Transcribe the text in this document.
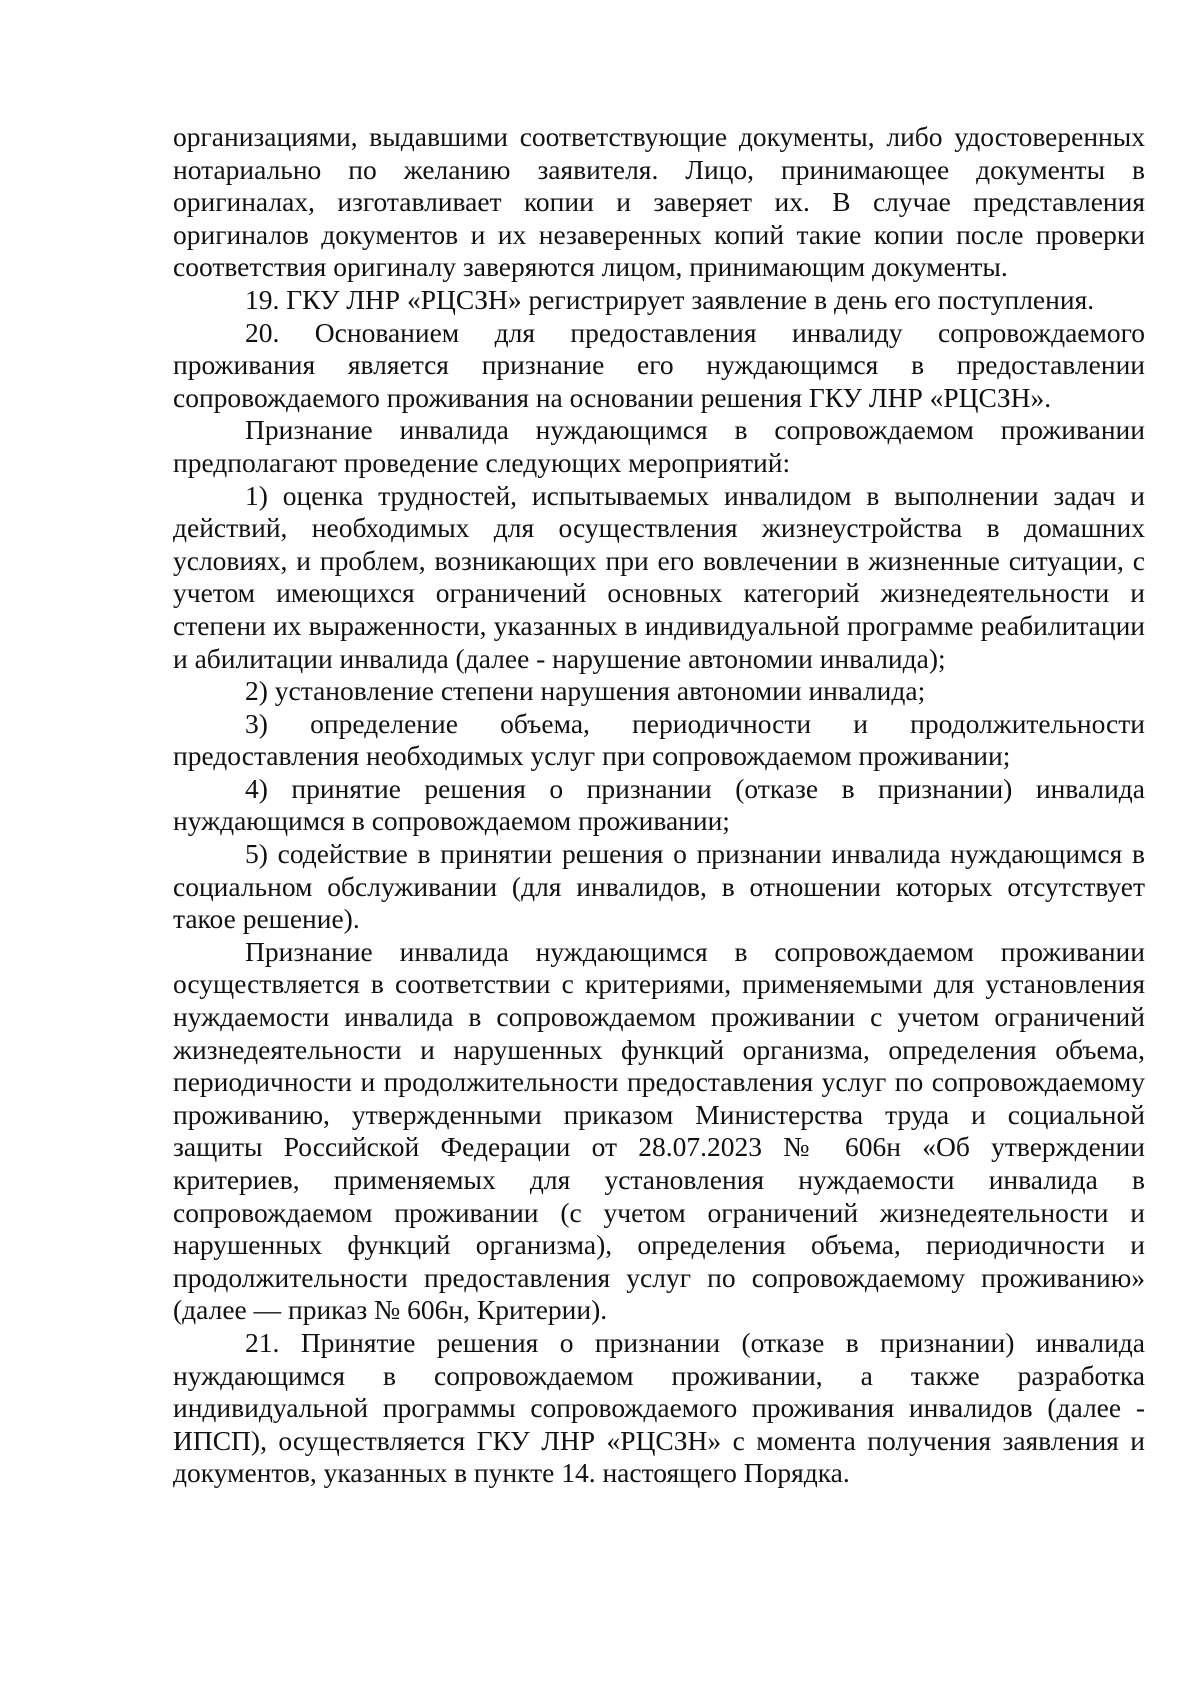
организациями, выдавшими соответствующие документы, либо удостоверенных нотариально по желанию заявителя. Лицо, принимающее документы в оригиналах, изготавливает копии и заверяет их. В случае представления оригиналов документов и их незаверенных копий такие копии после проверки соответствия оригиналу заверяются лицом, принимающим документы.

19. ГКУ ЛНР «РЦСЗН» регистрирует заявление в день его поступления.

20. Основанием для предоставления инвалиду сопровождаемого проживания является признание его нуждающимся в предоставлении сопровождаемого проживания на основании решения ГКУ ЛНР «РЦСЗН».

Признание инвалида нуждающимся в сопровождаемом проживании предполагают проведение следующих мероприятий:

1) оценка трудностей, испытываемых инвалидом в выполнении задач и действий, необходимых для осуществления жизнеустройства в домашних условиях, и проблем, возникающих при его вовлечении в жизненные ситуации, с учетом имеющихся ограничений основных категорий жизнедеятельности и степени их выраженности, указанных в индивидуальной программе реабилитации и абилитации инвалида (далее - нарушение автономии инвалида);

2) установление степени нарушения автономии инвалида;

3) определение объема, периодичности и продолжительности предоставления необходимых услуг при сопровождаемом проживании;

4) принятие решения о признании (отказе в признании) инвалида нуждающимся в сопровождаемом проживании;

5) содействие в принятии решения о признании инвалида нуждающимся в социальном обслуживании (для инвалидов, в отношении которых отсутствует такое решение).

Признание инвалида нуждающимся в сопровождаемом проживании осуществляется в соответствии с критериями, применяемыми для установления нуждаемости инвалида в сопровождаемом проживании с учетом ограничений жизнедеятельности и нарушенных функций организма, определения объема, периодичности и продолжительности предоставления услуг по сопровождаемому проживанию, утвержденными приказом Министерства труда и социальной защиты Российской Федерации от 28.07.2023 № 606н «Об утверждении критериев, применяемых для установления нуждаемости инвалида в сопровождаемом проживании (с учетом ограничений жизнедеятельности и нарушенных функций организма), определения объема, периодичности и продолжительности предоставления услуг по сопровождаемому проживанию» (далее — приказ № 606н, Критерии).

21. Принятие решения о признании (отказе в признании) инвалида нуждающимся в сопровождаемом проживании, а также разработка индивидуальной программы сопровождаемого проживания инвалидов (далее - ИПСП), осуществляется ГКУ ЛНР «РЦСЗН» с момента получения заявления и документов, указанных в пункте 14. настоящего Порядка.
